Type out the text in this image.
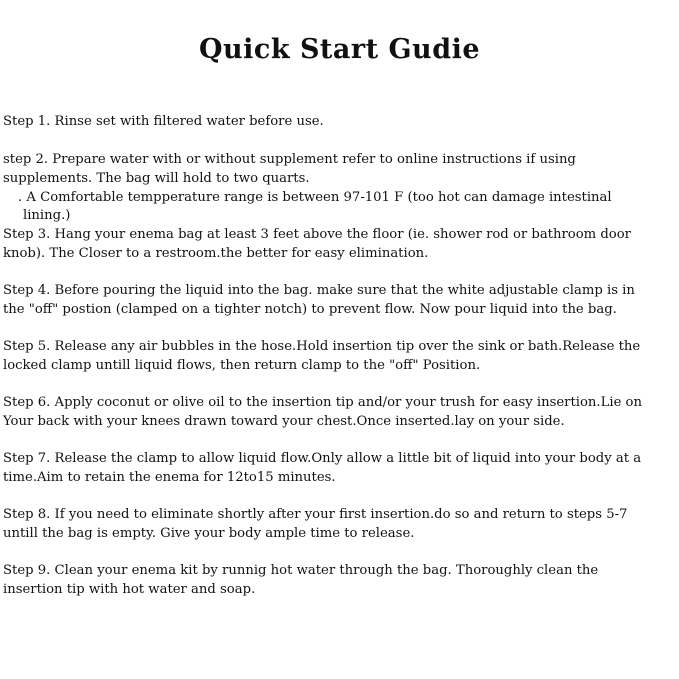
Quick Start Gudie

Step 1. Rinse set with filtered water before use.

step 2. Prepare water with or without supplement refer to online instructions if using

supplements. The bag will hold to two quarts.

. A Comfortable tempperature range is between 97-101 F (too hot can damage intestinal

lining.)

Step 3. Hang your enema bag at least 3 feet above the floor (ie. shower rod or bathroom door

knob). The Closer to a restroom.the better for easy elimination.

Step 4. Before pouring the liquid into the bag. make sure that the white adjustable clamp is in

the "off" postion (clamped on a tighter notch) to prevent flow. Now pour liquid into the bag.

Step 5. Release any air bubbles in the hose.Hold insertion tip over the sink or bath.Release the

locked clamp untill liquid flows, then return clamp to the "off" Position.

Step 6. Apply coconut or olive oil to the insertion tip and/or your trush for easy insertion.Lie on

Your back with your knees drawn toward your chest.Once inserted.lay on your side.

Step 7. Release the clamp to allow liquid flow.Only allow a little bit of liquid into your body at a

time.Aim to retain the enema for 12to15 minutes.

Step 8. If you need to eliminate shortly after your first insertion.do so and return to steps 5-7

untill the bag is empty. Give your body ample time to release.

Step 9. Clean your enema kit by runnig hot water through the bag. Thoroughly clean the

insertion tip with hot water and soap.
